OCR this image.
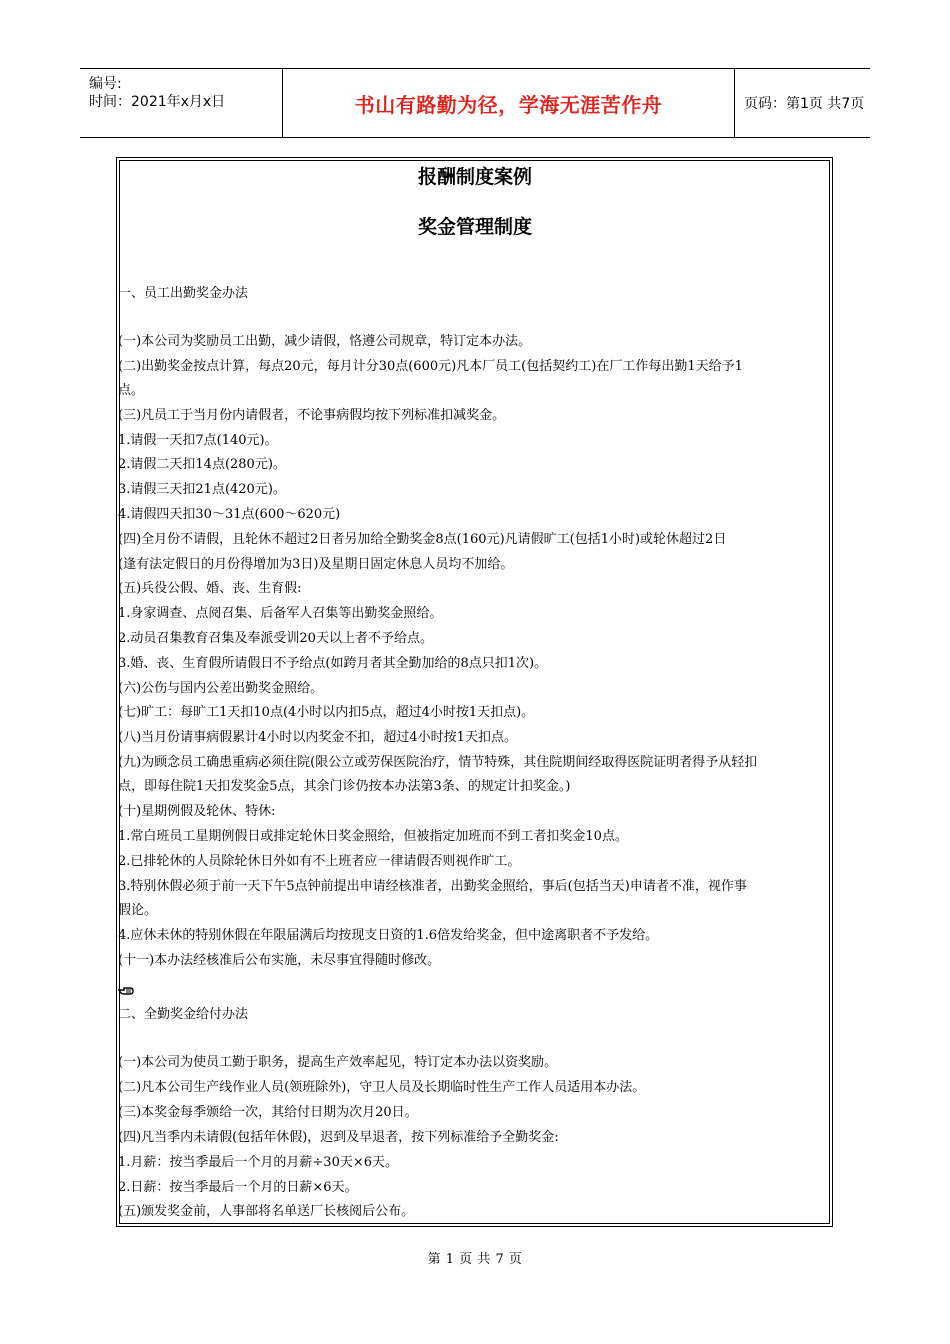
编号:
时间：2021年x月x日	书山有路勤为径，学海无涯苦作舟	页码：第1页 共7页
报酬制度案例
奖金管理制度
一、员工出勤奖金办法
(一)本公司为奖励员工出勤，减少请假，恪遵公司规章，特订定本办法。
(二)出勤奖金按点计算，每点20元，每月计分30点(600元)凡本厂员工(包括契约工)在厂工作每出勤1天给予1
点。
(三)凡员工于当月份内请假者，不论事病假均按下列标准扣减奖金。
1.请假一天扣7点(140元)。
2.请假二天扣14点(280元)。
3.请假三天扣21点(420元)。
4.请假四天扣30～31点(600～620元)
(四)全月份不请假，且轮休不超过2日者另加给全勤奖金8点(160元)凡请假旷工(包括1小时)或轮休超过2日
(逢有法定假日的月份得增加为3日)及星期日固定休息人员均不加给。
(五)兵役公假、婚、丧、生育假:
1.身家调查、点阅召集、后备军人召集等出勤奖金照给。
2.动员召集教育召集及奉派受训20天以上者不予给点。
3.婚、丧、生育假所请假日不予给点(如跨月者其全勤加给的8点只扣1次)。
(六)公伤与国内公差出勤奖金照给。
(七)旷工：每旷工1天扣10点(4小时以内扣5点，超过4小时按1天扣点)。
(八)当月份请事病假累计4小时以内奖金不扣，超过4小时按1天扣点。
(九)为顾念员工确患重病必须住院(限公立或劳保医院治疗，情节特殊，其住院期间经取得医院证明者得予从轻扣
点，即每住院1天扣发奖金5点，其余门诊仍按本办法第3条、的规定计扣奖金。)
(十)星期例假及轮休、特休:
1.常白班员工星期例假日或排定轮休日奖金照给，但被指定加班而不到工者扣奖金10点。
2.已排轮休的人员除轮休日外如有不上班者应一律请假否则视作旷工。
3.特别休假必须于前一天下午5点钟前提出申请经核准者，出勤奖金照给，事后(包括当天)申请者不准，视作事
假论。
4.应休未休的特别休假在年限届满后均按现支日资的1.6倍发给奖金，但中途离职者不予发给。
(十一)本办法经核准后公布实施，未尽事宜得随时修改。
二、全勤奖金给付办法
(一)本公司为使员工勤于职务，提高生产效率起见，特订定本办法以资奖励。
(二)凡本公司生产线作业人员(领班除外)，守卫人员及长期临时性生产工作人员适用本办法。
(三)本奖金每季颁给一次，其给付日期为次月20日。
(四)凡当季内未请假(包括年休假)，迟到及早退者，按下列标准给予全勤奖金:
1.月薪：按当季最后一个月的月薪÷30天×6天。
2.日薪：按当季最后一个月的日薪×6天。
(五)颁发奖金前，人事部将名单送厂长核阅后公布。
第 1 页 共 7 页
